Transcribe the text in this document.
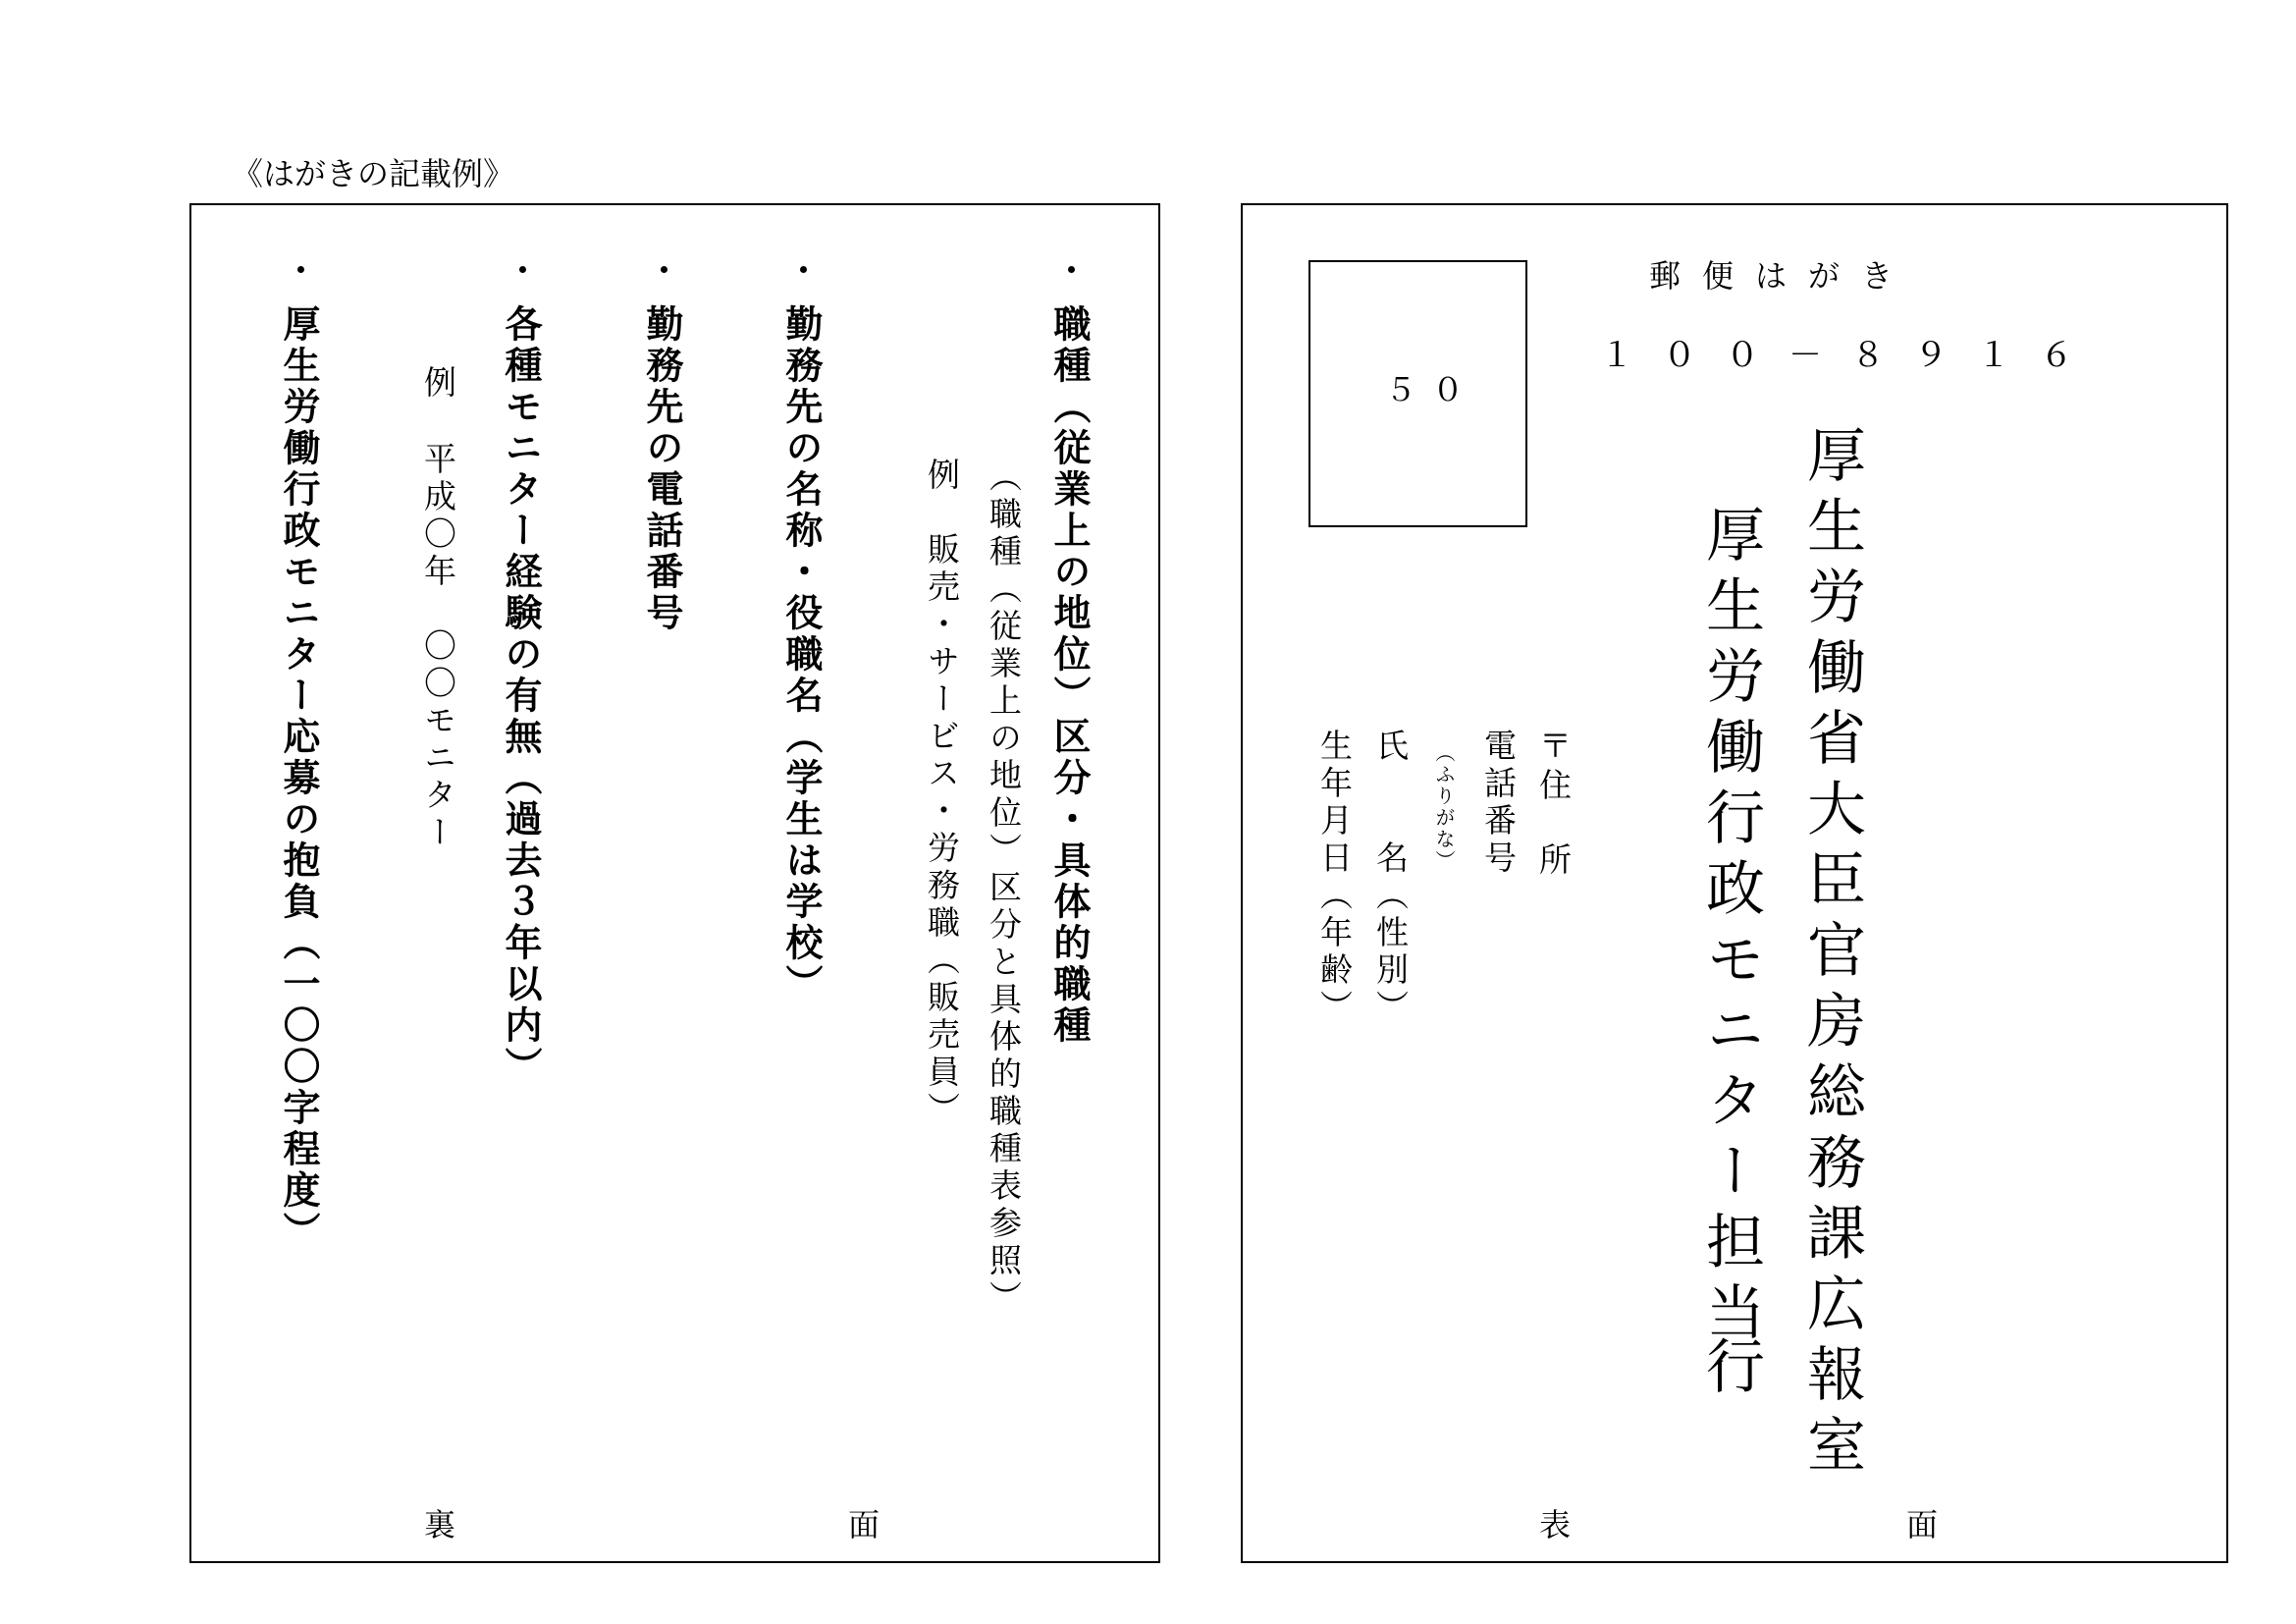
《はがきの記載例》
職種（従業上の地位）区分・具体的職種
（職種（従業上の地位）区分と具体的職種表参照）
例　販売・サービス・労務職（販売員）
勤務先の名称・役職名（学生は学校）
勤務先の電話番号
各種モニター経験の有無（過去３年以内）
例
平成〇年　〇〇モニター
厚生労働行政モニター応募の抱負（一〇〇字程度）
裏	面
５０
郵便はがき
１００－８９１６
厚生労働省大臣官房総務課広報室
厚生労働行政モニター担当
行
〒
住　所
電話番号
（ふりがな）
氏　　名（性別）
生年月日（年齢）
表	面
